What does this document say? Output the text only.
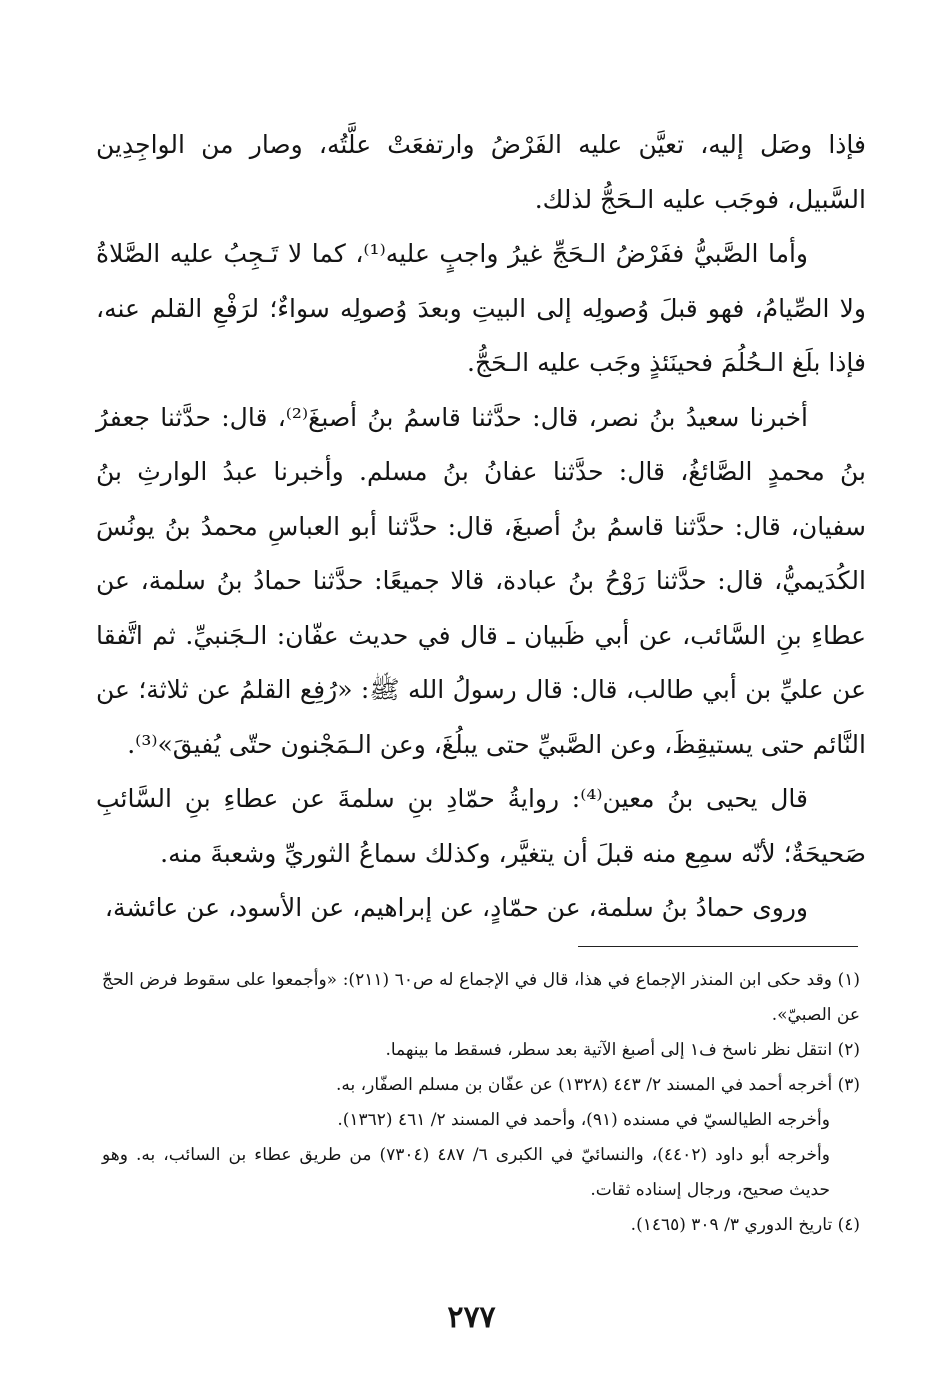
فإذا وصَل إليه، تعيَّن عليه الفَرْضُ وارتفعَتْ علَّتُه، وصار من الواجِدِين السَّبيل، فوجَب عليه الـحَجُّ لذلك.

وأما الصَّبيُّ ففَرْضُ الـحَجِّ غيرُ واجبٍ عليه⁽¹⁾، كما لا تَـجِبُ عليه الصَّلاةُ ولا الصِّيامُ، فهو قبلَ وُصولِه إلى البيتِ وبعدَ وُصولِه سواءٌ؛ لرَفْعِ القلم عنه، فإذا بلَغ الـحُلُمَ فحينَئذٍ وجَب عليه الـحَجُّ.

أخبرنا سعيدُ بنُ نصر، قال: حدَّثنا قاسمُ بنُ أصبغَ⁽²⁾، قال: حدَّثنا جعفرُ بنُ محمدٍ الصَّائغُ، قال: حدَّثنا عفانُ بنُ مسلم. وأخبرنا عبدُ الوارثِ بنُ سفيان، قال: حدَّثنا قاسمُ بنُ أصبغَ، قال: حدَّثنا أبو العباسِ محمدُ بنُ يونُسَ الكُدَيميُّ، قال: حدَّثنا رَوْحُ بنُ عبادة، قالا جميعًا: حدَّثنا حمادُ بنُ سلمة، عن عطاءِ بنِ السَّائب، عن أبي ظَبيان ـ قال في حديث عفّان: الـجَنبيِّ. ثم اتَّفقا عن عليِّ بن أبي طالب، قال: قال رسولُ الله ﷺ: «رُفِع القلمُ عن ثلاثة؛ عن النَّائم حتى يستيقِظَ، وعن الصَّبيِّ حتى يبلُغَ، وعن الـمَجْنون حتّى يُفيقَ»⁽³⁾.

قال يحيى بنُ معين⁽⁴⁾: روايةُ حمّادِ بنِ سلمةَ عن عطاءِ بنِ السَّائبِ صَحيحَةٌ؛ لأنّه سمِع منه قبلَ أن يتغيَّر، وكذلك سماعُ الثوريِّ وشعبةَ منه.

وروى حمادُ بنُ سلمة، عن حمّادٍ، عن إبراهيم، عن الأسود، عن عائشة،

(١) وقد حكى ابن المنذر الإجماع في هذا، قال في الإجماع له ص٦٠ (٢١١): «وأجمعوا على سقوط فرض الحجّ عن الصبيّ».

(٢) انتقل نظر ناسخ ف١ إلى أصبغ الآتية بعد سطر، فسقط ما بينهما.

(٣) أخرجه أحمد في المسند ٢/ ٤٤٣ (١٣٢٨) عن عفّان بن مسلم الصفّار، به.

وأخرجه الطيالسيّ في مسنده (٩١)، وأحمد في المسند ٢/ ٤٦١ (١٣٦٢).

وأخرجه أبو داود (٤٤٠٢)، والنسائيّ في الكبرى ٦/ ٤٨٧ (٧٣٠٤) من طريق عطاء بن السائب، به. وهو حديث صحيح، ورجال إسناده ثقات.

(٤) تاريخ الدوري ٣/ ٣٠٩ (١٤٦٥).

٢٧٧
